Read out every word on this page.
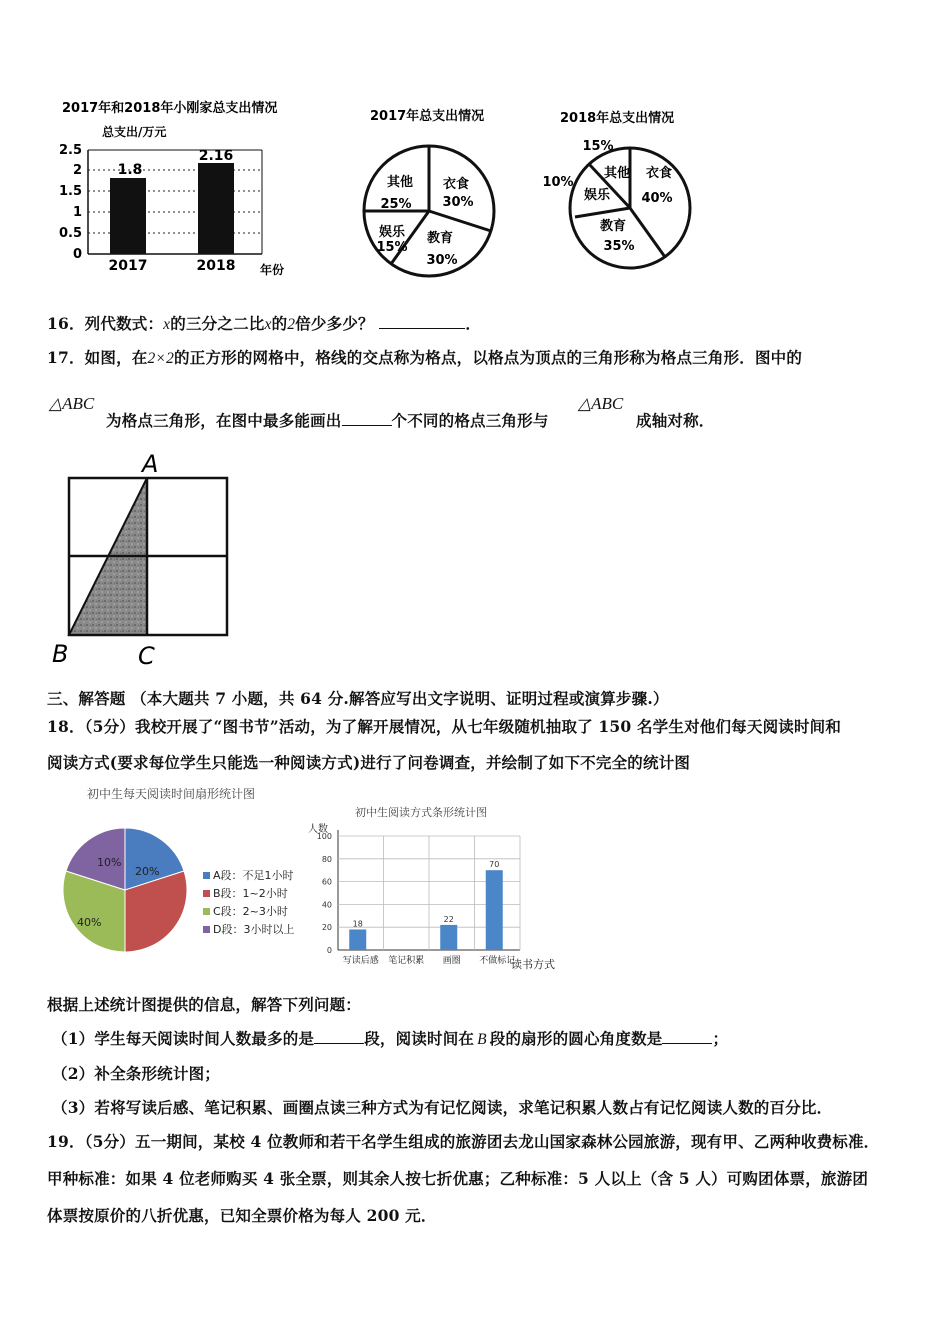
2017年和2018年小刚家总支出情况
总支出/万元
0
0.5
1
1.5
2
2.5
1.8
2.16
2017	2018 年份
2017年总支出情况
衣食
30%
教育
30%
娱乐
15%
其他
25%
2018年总支出情况
衣食
40%
教育
35%
娱乐
10%
其他
15%
16．列代数式：x的三分之二比x的2倍少多少？	．
17．如图，在2×2的正方形的网格中，格线的交点称为格点，以格点为顶点的三角形称为格点三角形．图中的
△ABC
为格点三角形，在图中最多能画出	个不同的格点三角形与
△ABC
成轴对称．
A
B	C
三、解答题 （本大题共 7 小题，共 64 分.解答应写出文字说明、证明过程或演算步骤.）
18．（5分）我校开展了“图书节”活动，为了解开展情况，从七年级随机抽取了 150 名学生对他们每天阅读时间和
阅读方式(要求每位学生只能选一种阅读方式)进行了问卷调查，并绘制了如下不完全的统计图
初中生每天阅读时间扇形统计图
20%
40%
10%
A段：不足1小时
B段：1~2小时
C段：2~3小时
D段：3小时以上
初中生阅读方式条形统计图
人数
读书方式
0
20
40
60
80
100
写读后感
18
笔记积累 画圈
22
不做标记
70
根据上述统计图提供的信息，解答下列问题：
（1）学生每天阅读时间人数最多的是	段，阅读时间在 B 段的扇形的圆心角度数是	；
（2）补全条形统计图；
（3）若将写读后感、笔记积累、画圈点读三种方式为有记忆阅读，求笔记积累人数占有记忆阅读人数的百分比．
19．（5分）五一期间，某校 4 位教师和若干名学生组成的旅游团去龙山国家森林公园旅游，现有甲、乙两种收费标准．
甲种标准：如果 4 位老师购买 4 张全票，则其余人按七折优惠；乙种标准：5 人以上（含 5 人）可购团体票，旅游团
体票按原价的八折优惠，已知全票价格为每人 200 元．
